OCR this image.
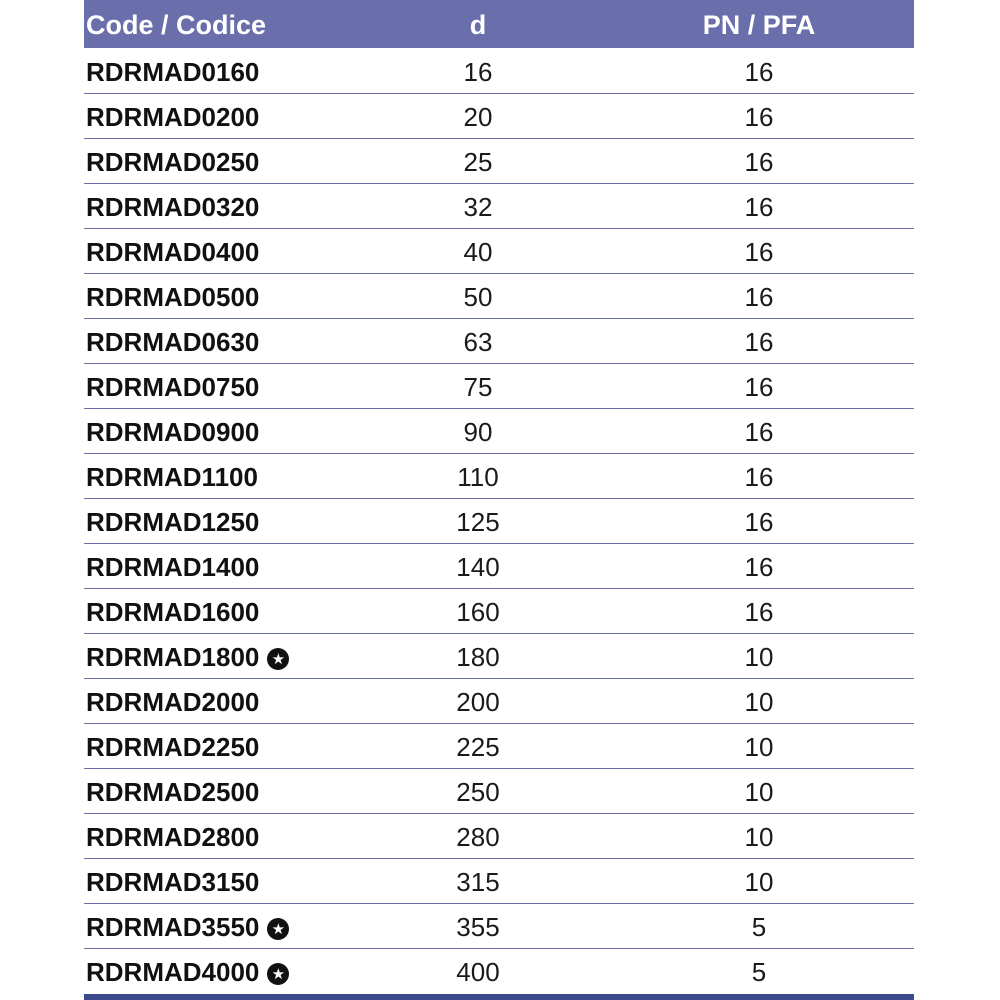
Code / Codice	d	PN / PFA
RDRMAD0160	16	16
RDRMAD0200	20	16
RDRMAD0250	25	16
RDRMAD0320	32	16
RDRMAD0400	40	16
RDRMAD0500	50	16
RDRMAD0630	63	16
RDRMAD0750	75	16
RDRMAD0900	90	16
RDRMAD1100	110	16
RDRMAD1250	125	16
RDRMAD1400	140	16
RDRMAD1600	160	16
RDRMAD1800 ★	180	10
RDRMAD2000	200	10
RDRMAD2250	225	10
RDRMAD2500	250	10
RDRMAD2800	280	10
RDRMAD3150	315	10
RDRMAD3550 ★	355	5
RDRMAD4000 ★	400	5
